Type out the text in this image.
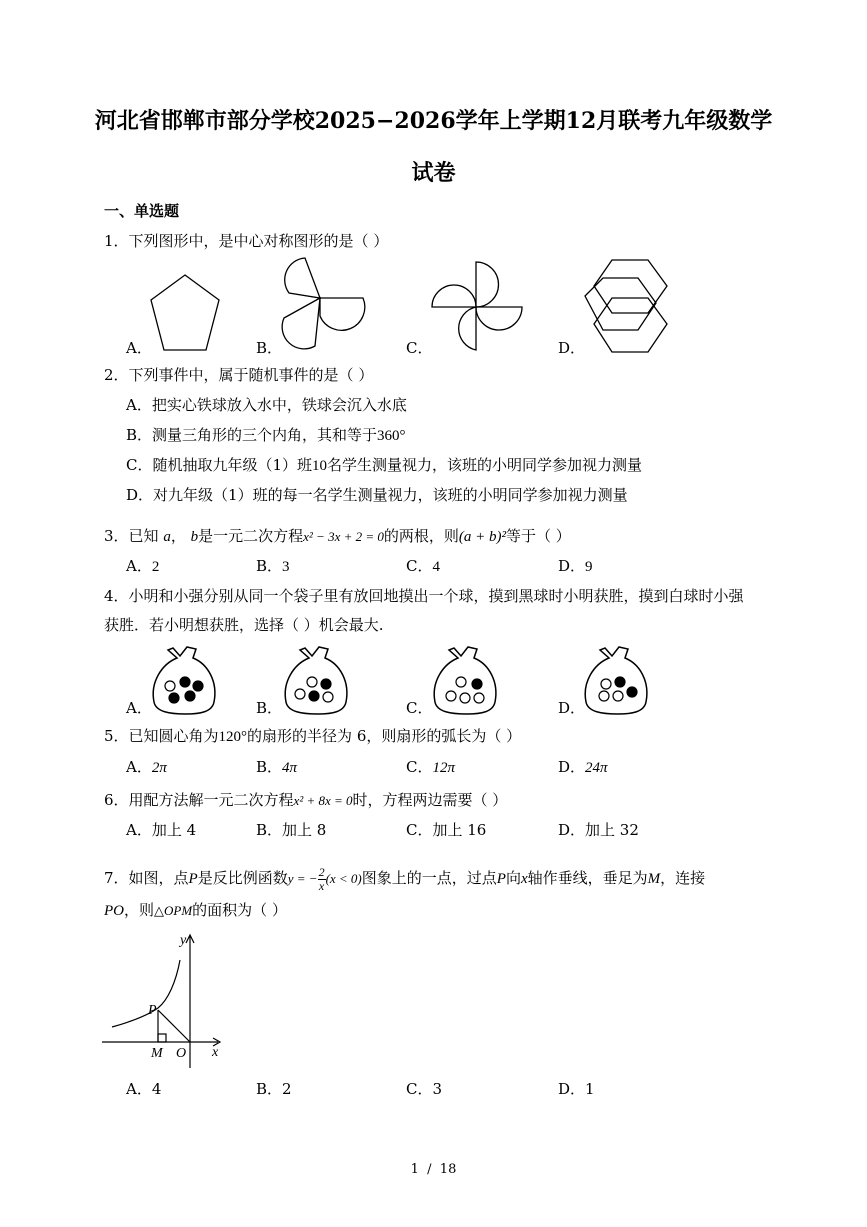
河北省邯郸市部分学校2025−2026学年上学期12月联考九年级数学
试卷
一、单选题
1．下列图形中，是中心对称图形的是（ ）
A．	B．	C．	D．
2．下列事件中，属于随机事件的是（ ）
A．把实心铁球放入水中，铁球会沉入水底
B．测量三角形的三个内角，其和等于360°
C．随机抽取九年级（1）班10名学生测量视力，该班的小明同学参加视力测量
D．对九年级（1）班的每一名学生测量视力，该班的小明同学参加视力测量
3．已知 a， b是一元二次方程x² − 3x + 2 = 0的两根，则(a + b)²等于（ ）
A．2	B．3	C．4	D．9
4．小明和小强分别从同一个袋子里有放回地摸出一个球，摸到黑球时小明获胜，摸到白球时小强
获胜．若小明想获胜，选择（ ）机会最大.
A．	B．	C．	D．
5．已知圆心角为120°的扇形的半径为 6，则扇形的弧长为（ ）
A．2π	B．4π	C．12π	D．24π
6．用配方法解一元二次方程x² + 8x = 0时，方程两边需要（ ）
A．加上 4	B．加上 8	C．加上 16	D．加上 32
7．如图，点P是反比例函数y = − $\frac{2}{x} (x < 0)$图象上的一点，过点P向x轴作垂线，垂足为M，连接
PO，则△OPM的面积为（ ）
y
x
P
M O
A．4	B．2	C．3	D．1
1  /  18
